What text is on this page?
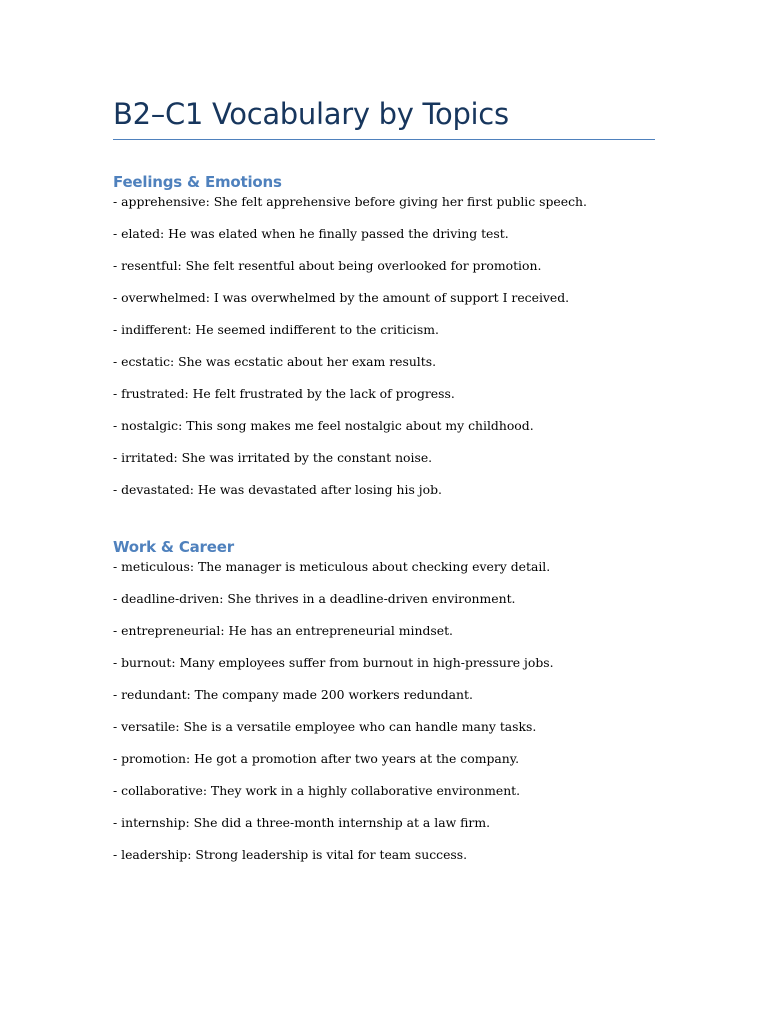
B2–C1 Vocabulary by Topics
Feelings & Emotions
- apprehensive: She felt apprehensive before giving her first public speech.
- elated: He was elated when he finally passed the driving test.
- resentful: She felt resentful about being overlooked for promotion.
- overwhelmed: I was overwhelmed by the amount of support I received.
- indifferent: He seemed indifferent to the criticism.
- ecstatic: She was ecstatic about her exam results.
- frustrated: He felt frustrated by the lack of progress.
- nostalgic: This song makes me feel nostalgic about my childhood.
- irritated: She was irritated by the constant noise.
- devastated: He was devastated after losing his job.
Work & Career
- meticulous: The manager is meticulous about checking every detail.
- deadline-driven: She thrives in a deadline-driven environment.
- entrepreneurial: He has an entrepreneurial mindset.
- burnout: Many employees suffer from burnout in high-pressure jobs.
- redundant: The company made 200 workers redundant.
- versatile: She is a versatile employee who can handle many tasks.
- promotion: He got a promotion after two years at the company.
- collaborative: They work in a highly collaborative environment.
- internship: She did a three-month internship at a law firm.
- leadership: Strong leadership is vital for team success.
